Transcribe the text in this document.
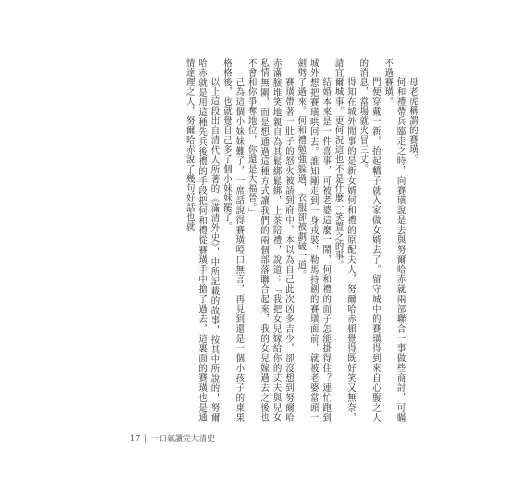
母老虎稱謂的賽璜。

何和禮帶兵臨走之時，向賽璜說是去與努爾哈赤就兩部聯合一事做些商討，可瞞不過賽璜。

門便穿戴一新，抬起轎子就入家做女婿去了。留守城中的賽璜得到來自心腹之人的消息，當場就火冒三丈。

得知在城外閒事的是新女婿何和禮的原配夫人，努爾哈赤頓覺得既好笑又無奈，請宜爾城事。更何況這也不是什麼一笑置之的事。

結婚本來是一件喜事，可被老婆這麼一鬧，何和禮的面子怎能掛得住？連忙跑到城外想把賽璜哄回去。誰知剛走到一身戎裝，勒馬持劍的賽璜面前，就被老婆當頭一劍劈了過來。何和禮勉強躲過，衣服卻被劃破一道。

賽璜帶著一肚子的怒火被請到府中，本以為自己此次凶多吉少，卻沒想到努爾哈赤滿臉堆笑地親自為其鬆綁鬆綁，上茶陪禮，說道：「我把女兒嫁給你的丈夫與兒女私情無關，而是想通過這種方式讓我們的兩個部落聯合起來，我的女兒嫁過去之後也不會和你爭奪地位，你還是大福晉。」

己為這個小妹妹難了，一席話說得賽璜啞口無言，再見到還是一個小孩子的東果格格後，也就覺自己多了個小妹妹罷了。

以上這段出自清代人所著的《滿清外史》，中所記載的故事，按其中所說的，努爾哈赤就是用這種先兵後禮的手段把何和禮從賽璜手中搶了過去，這裏面的賽璜也是通情達理之人，努爾哈赤說了幾句好話也就

17 | 一口氣讀完大清史
